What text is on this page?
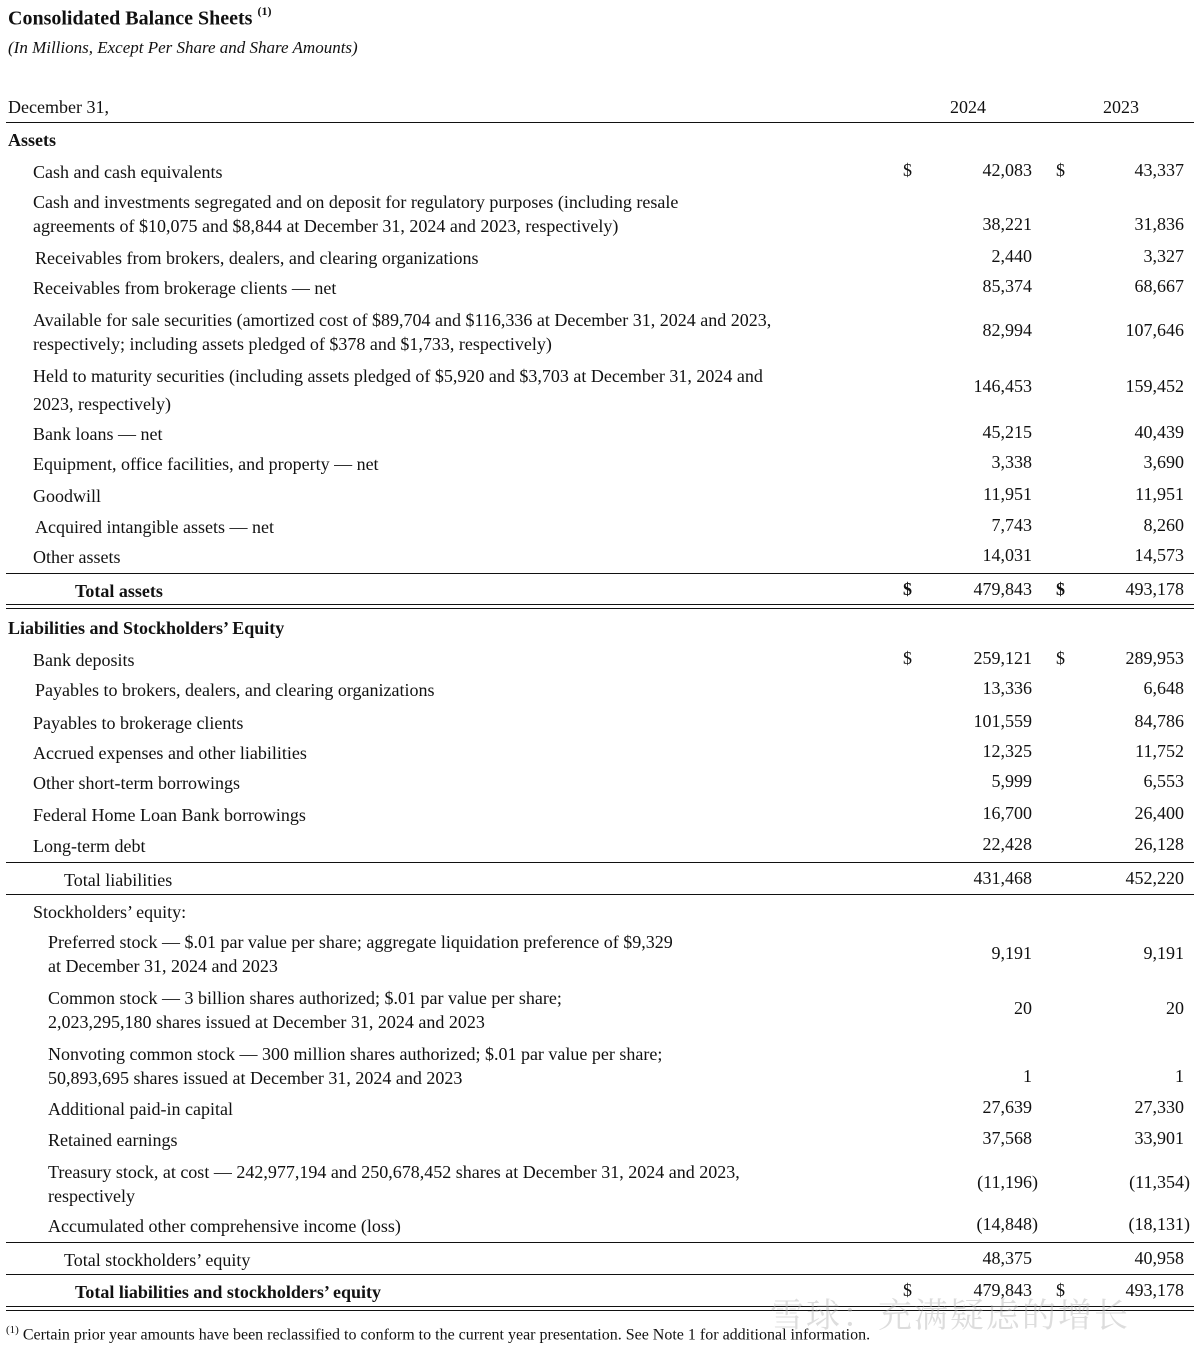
Consolidated Balance Sheets $^{(1)}$
(In Millions, Except Per Share and Share Amounts)
December 31,	2024	2023
Assets
Cash and cash equivalents	$	42,083 $	43,337
Cash and investments segregated and on deposit for regulatory purposes (including resale
agreements of $10,075 and $8,844 at December 31, 2024 and 2023, respectively)	38,221	31,836
Receivables from brokers, dealers, and clearing organizations	2,440	3,327
Receivables from brokerage clients — net	85,374	68,667
Available for sale securities (amortized cost of $89,704 and $116,336 at December 31, 2024 and 2023,
respectively; including assets pledged of $378 and $1,733, respectively)
82,994	107,646
Held to maturity securities (including assets pledged of $5,920 and $3,703 at December 31, 2024 and
2023, respectively)
146,453	159,452
Bank loans — net	45,215	40,439
Equipment, office facilities, and property — net	3,338	3,690
Goodwill	11,951	11,951
Acquired intangible assets — net	7,743	8,260
Other assets	14,031	14,573
Total assets	$	479,843 $	493,178
Liabilities and Stockholders’ Equity
Bank deposits	$	259,121 $	289,953
Payables to brokers, dealers, and clearing organizations	13,336	6,648
Payables to brokerage clients	101,559	84,786
Accrued expenses and other liabilities	12,325	11,752
Other short-term borrowings	5,999	6,553
Federal Home Loan Bank borrowings	16,700	26,400
Long-term debt	22,428	26,128
Total liabilities	431,468	452,220
Stockholders’ equity:
Preferred stock — $.01 par value per share; aggregate liquidation preference of $9,329
at December 31, 2024 and 2023
9,191	9,191
Common stock — 3 billion shares authorized; $.01 par value per share;
2,023,295,180 shares issued at December 31, 2024 and 2023
20	20
Nonvoting common stock — 300 million shares authorized; $.01 par value per share;
50,893,695 shares issued at December 31, 2024 and 2023	1	1
Additional paid-in capital	27,639	27,330
Retained earnings	37,568	33,901
Treasury stock, at cost — 242,977,194 and 250,678,452 shares at December 31, 2024 and 2023,
respectively
(11,196)	(11,354)
Accumulated other comprehensive income (loss)	(14,848)	(18,131)
Total stockholders’ equity	48,375	40,958
Total liabilities and stockholders’ equity	$	479,843 $	493,178
雪球：充满疑虑的增长
$^{(1)}$ Certain prior year amounts have been reclassified to conform to the current year presentation. See Note 1 for additional information.
